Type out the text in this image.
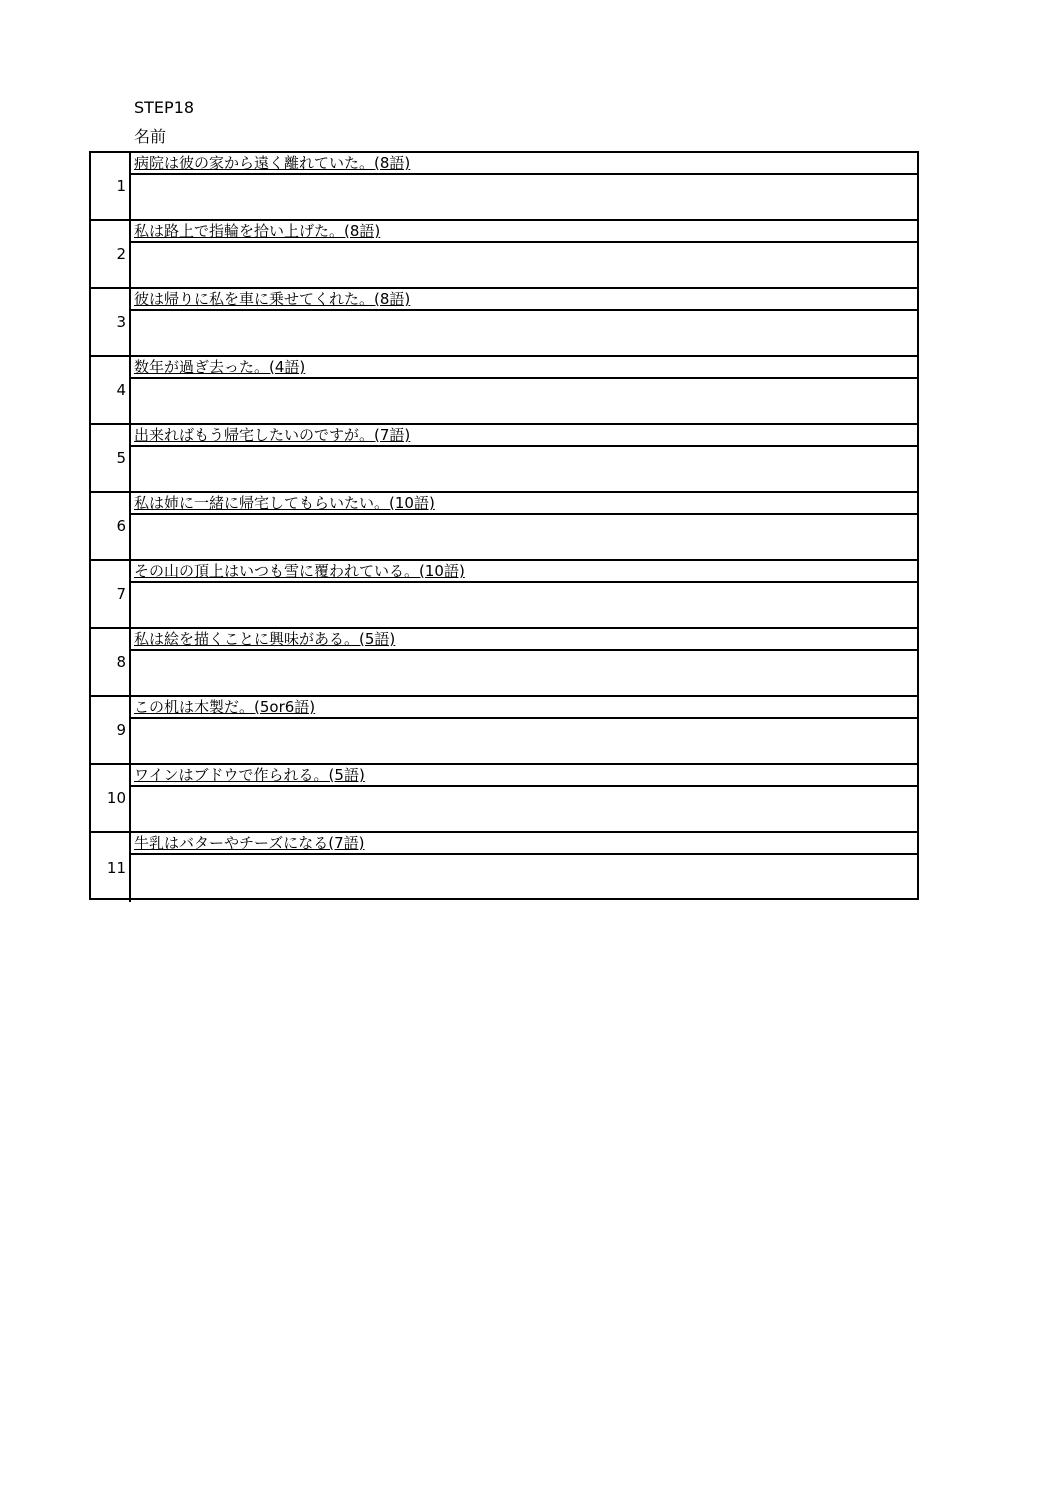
STEP18
名前
1
病院は彼の家から遠く離れていた。(8語)
2
私は路上で指輪を拾い上げた。(8語)
3
彼は帰りに私を車に乗せてくれた。(8語)
4
数年が過ぎ去った。(4語)
5
出来ればもう帰宅したいのですが。(7語)
6
私は姉に一緒に帰宅してもらいたい。(10語)
7
その山の頂上はいつも雪に覆われている。(10語)
8
私は絵を描くことに興味がある。(5語)
9
この机は木製だ。(5or6語)
10
ワインはブドウで作られる。(5語)
11
牛乳はバターやチーズになる(7語)
